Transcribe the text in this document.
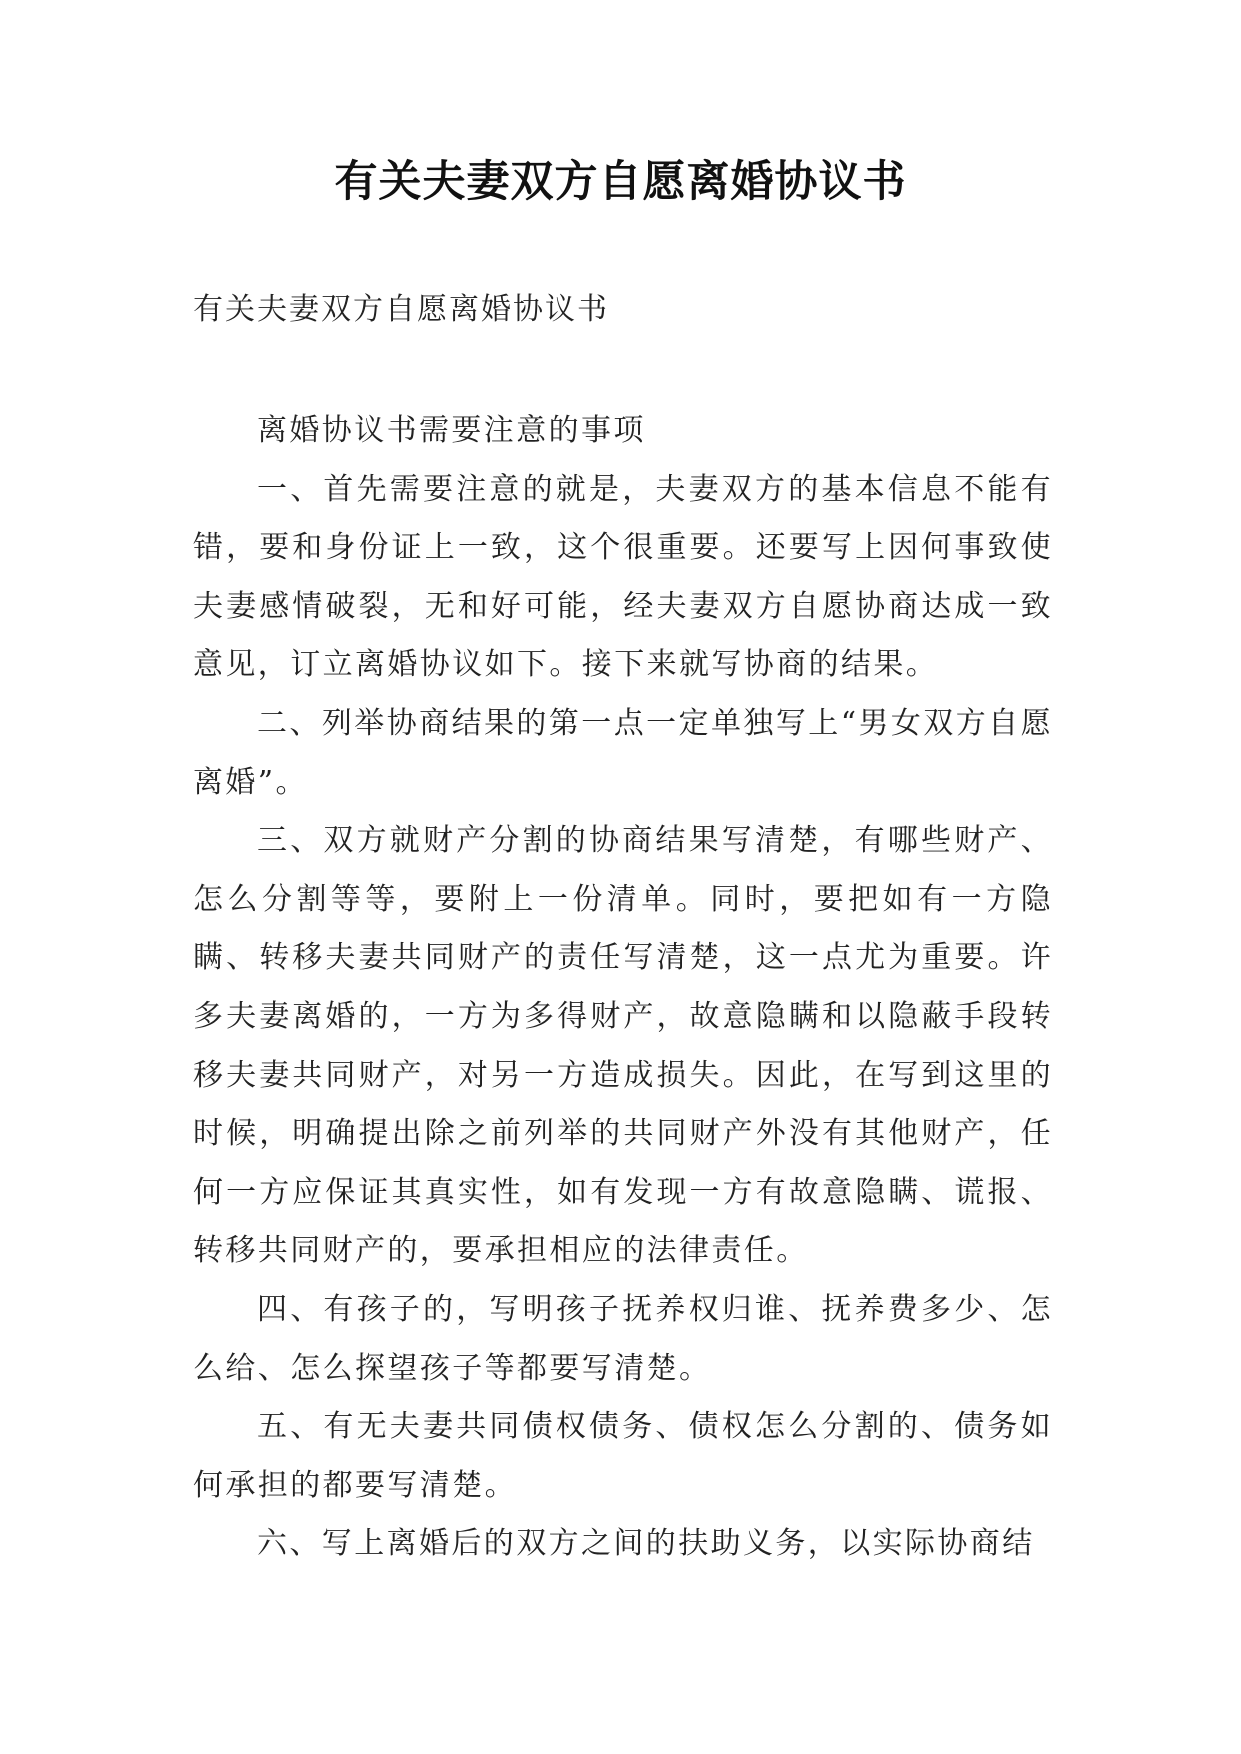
有关夫妻双方自愿离婚协议书

有关夫妻双方自愿离婚协议书

离婚协议书需要注意的事项

一、首先需要注意的就是，夫妻双方的基本信息不能有错，要和身份证上一致，这个很重要。还要写上因何事致使夫妻感情破裂，无和好可能，经夫妻双方自愿协商达成一致意见，订立离婚协议如下。接下来就写协商的结果。

二、列举协商结果的第一点一定单独写上“男女双方自愿离婚”。

三、双方就财产分割的协商结果写清楚，有哪些财产、怎么分割等等，要附上一份清单。同时，要把如有一方隐瞒、转移夫妻共同财产的责任写清楚，这一点尤为重要。许多夫妻离婚的，一方为多得财产，故意隐瞒和以隐蔽手段转移夫妻共同财产，对另一方造成损失。因此，在写到这里的时候，明确提出除之前列举的共同财产外没有其他财产，任何一方应保证其真实性，如有发现一方有故意隐瞒、谎报、转移共同财产的，要承担相应的法律责任。

四、有孩子的，写明孩子抚养权归谁、抚养费多少、怎么给、怎么探望孩子等都要写清楚。

五、有无夫妻共同债权债务、债权怎么分割的、债务如何承担的都要写清楚。

六、写上离婚后的双方之间的扶助义务，以实际协商结
